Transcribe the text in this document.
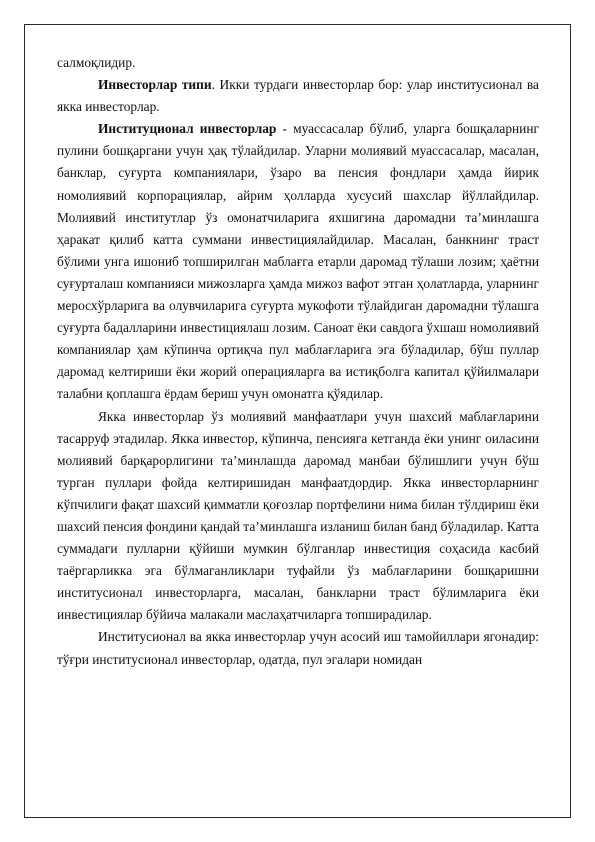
салмоқлидир.

Инвесторлар типи. Икки турдаги инвесторлар бор: улар институсионал ва якка инвесторлар.

Институционал инвесторлар - муассасалар бўлиб, уларга бошқаларнинг пулини бошқаргани учун ҳақ тўлайдилар. Уларни молиявий муассасалар, масалан, банклар, суғурта компаниялари, ўзаро ва пенсия фондлари ҳамда йирик номолиявий корпорациялар, айрим ҳолларда хусусий шахслар йўллайдилар. Молиявий институтлар ўз омонатчиларига яхшигина даромадни таʼминлашга ҳаракат қилиб катта суммани инвестициялайдилар. Масалан, банкнинг траст бўлими унга ишониб топширилган маблағга етарли даромад тўлаши лозим; ҳаётни суғурталаш компанияси мижозларга ҳамда мижоз вафот этган ҳолатларда, уларнинг меросхўрларига ва олувчиларига суғурта мукофоти тўлайдиган даромадни тўлашга суғурта бадалларини инвестициялаш лозим. Саноат ёки савдога ўхшаш номолиявий компаниялар ҳам кўпинча ортиқча пул маблағларига эга бўладилар, бўш пуллар даромад келтириши ёки жорий операцияларга ва истиқболга капитал қўйилмалари талабни қоплашга ёрдам бериш учун омонатга қўядилар.

Якка инвесторлар ўз молиявий манфаатлари учун шахсий маблағларини тасарруф этадилар. Якка инвестор, кўпинча, пенсияга кетганда ёки унинг оиласини молиявий барқарорлигини таʼминлашда даромад манбаи бўлишлиги учун бўш турган пуллари фойда келтиришидан манфаатдордир. Якка инвесторларнинг кўпчилиги фақат шахсий қимматли қоғозлар портфелини нима билан тўлдириш ёки шахсий пенсия фондини қандай таʼминлашга изланиш билан банд бўладилар. Катта суммадаги пулларни қўйиши мумкин бўлганлар инвестиция соҳасида касбий таёргарликка эга бўлмаганликлари туфайли ўз маблағларини бошқаришни институсионал инвесторларга, масалан, банкларни траст бўлимларига ёки инвестициялар бўйича малакали маслаҳатчиларга топширадилар.

Институсионал ва якка инвесторлар учун асосий иш тамойиллари ягонадир: тўғри институсионал инвесторлар, одатда, пул эгалари номидан
